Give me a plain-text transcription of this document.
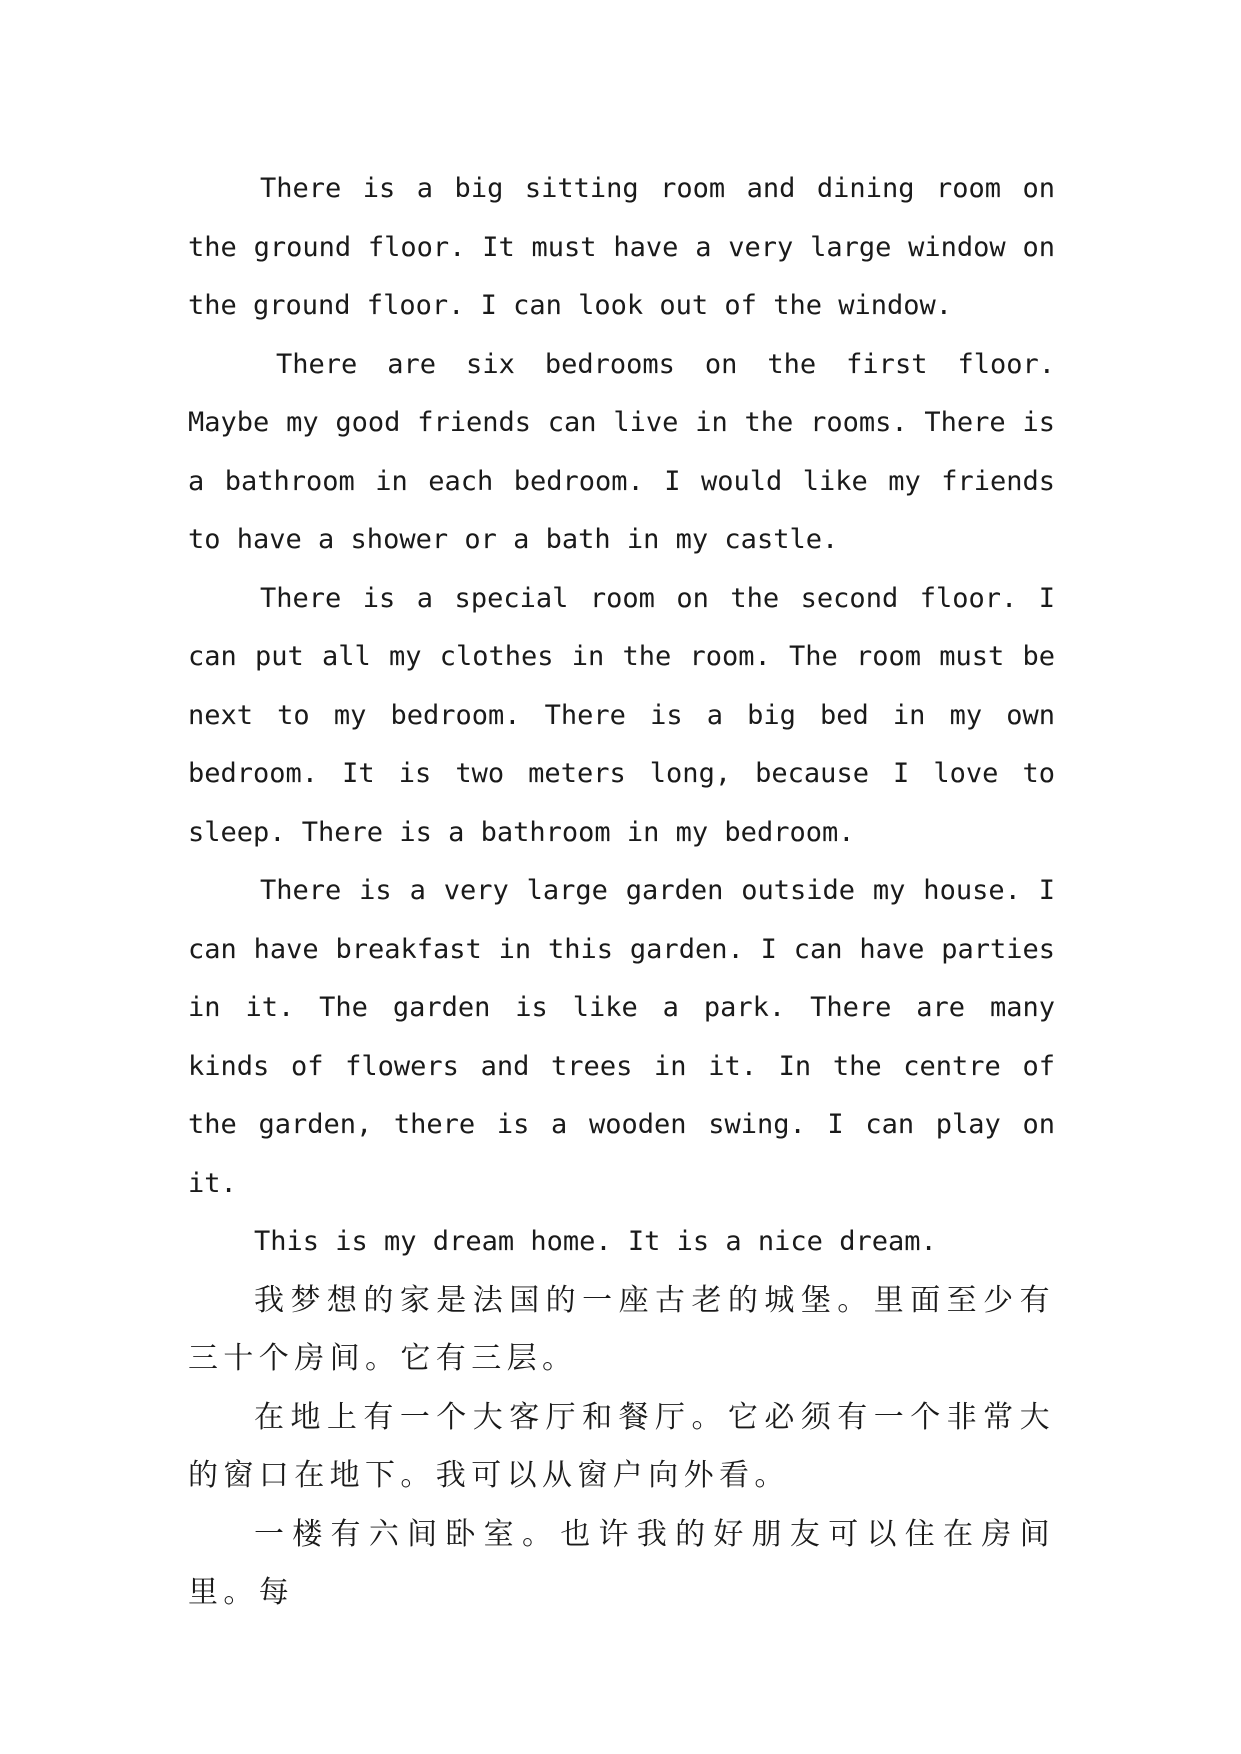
There is a big sitting room and dining room on the ground floor. It must have a very large window on the ground floor. I can look out of the window.

There are six bedrooms on the first floor. Maybe my good friends can live in the rooms. There is a bathroom in each bedroom. I would like my friends to have a shower or a bath in my castle.

There is a special room on the second floor. I can put all my clothes in the room. The room must be next to my bedroom. There is a big bed in my own bedroom. It is two meters long, because I love to sleep. There is a bathroom in my bedroom.

There is a very large garden outside my house. I can have breakfast in this garden. I can have parties in it. The garden is like a park. There are many kinds of flowers and trees in it. In the centre of the garden, there is a wooden swing. I can play on it.

This is my dream home. It is a nice dream.

我梦想的家是法国的一座古老的城堡。里面至少有三十个房间。它有三层。

在地上有一个大客厅和餐厅。它必须有一个非常大的窗口在地下。我可以从窗户向外看。

一楼有六间卧室。也许我的好朋友可以住在房间里。每
